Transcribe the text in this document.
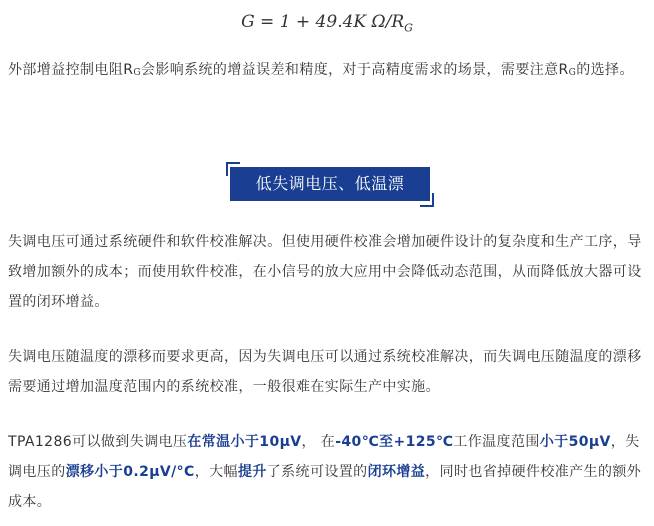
G = 1 + 49.4K $\Omega/R_G$

外部增益控制电阻$R_G$会影响系统的增益误差和精度，对于高精度需求的场景，需要注意$R_G$的选择。

低失调电压、低温漂

失调电压可通过系统硬件和软件校准解决。但使用硬件校准会增加硬件设计的复杂度和生产工序，导致增加额外的成本；而使用软件校准，在小信号的放大应用中会降低动态范围，从而降低放大器可设置的闭环增益。

失调电压随温度的漂移而要求更高，因为失调电压可以通过系统校准解决，而失调电压随温度的漂移需要通过增加温度范围内的系统校准，一般很难在实际生产中实施。

TPA1286可以做到失调电压在常温小于10μV， 在-40℃至+125℃工作温度范围小于50μV，失调电压的漂移小于0.2μV/°C，大幅提升了系统可设置的闭环增益，同时也省掉硬件校准产生的额外成本。
